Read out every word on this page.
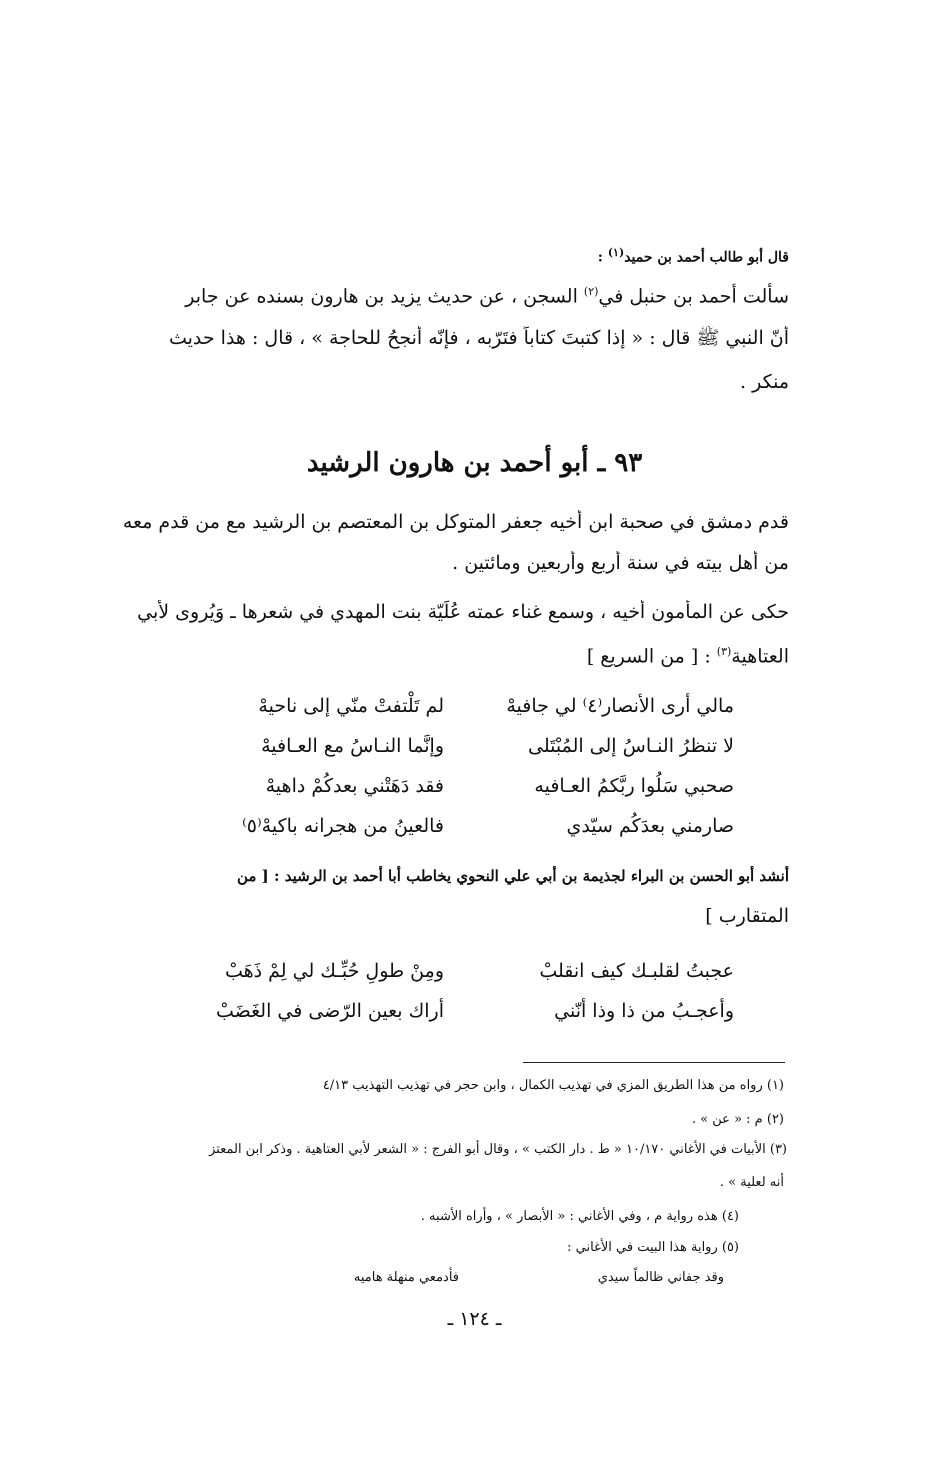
قال أبو طالب أحمد بن حميد$^{(١)}$ :
سألت أحمد بن حنبل في$^{(٢)}$ السجن ، عن حديث يزيد بن هارون بسنده عن جابر
أنّ النبي ﷺ قال : « إذا كتبتَ كتاباً فتَرّبه ، فإنّه أنجحُ للحاجة » ، قال : هذا حديث
منكر .
٩٣ ـ أبو أحمد بن هارون الرشيد
قدم دمشق في صحبة ابن أخيه جعفر المتوكل بن المعتصم بن الرشيد مع من قدم معه
من أهل بيته في سنة أربع وأربعين ومائتين .
حكى عن المأمون أخيه ، وسمع غناء عمته عُلَيّة بنت المهدي في شعرها ـ وَيُروى لأبي
العتاهية$^{(٣)}$ : [ من السريع ]
مالي أرى الأنصار⁽٤⁾ لي جافيهْ
لم تَلْتفتْ منّي إلى ناحيهْ
لا تنظرُ النـاسُ إلى المُبْتَلى
وإنَّما النـاسُ مع العـافيهْ
صحبي سَلُوا ربَّكمُ العـافيه
فقد دَهَتْني بعدكُمْ داهيهْ
صارمني بعدَكُم سيّدي
فالعينُ من هجرانه باكيهْ⁽٥⁾
أنشد أبو الحسن بن البراء لجذيمة بن أبي علي النحوي يخاطب أبا أحمد بن الرشيد : [ من
المتقارب ]
عجبتُ لقلبـك كيف انقلبْ
ومِنْ طولِ حُبِّـك لي لِمْ ذَهَبْ
وأعجـبُ من ذا وذا أنّني
أراك بعين الرّضى في الغَضَبْ
(١) رواه من هذا الطريق المزي في تهذيب الكمال ، وابن حجر في تهذيب التهذيب ٤/١٣
(٢) م : « عن » .
(٣) الأبيات في الأغاني ١٠/١٧٠ « ط . دار الكتب » ، وقال أبو الفرج : « الشعر لأبي العتاهية . وذكر ابن المعتز
أنه لعلية » .
(٤) هذه رواية م ، وفي الأغاني : « الأبصار » ، وأراه الأشبه .
(٥) رواية هذا البيت في الأغاني :
وقد جفاني ظالماً سيدي
فأدمعي منهلة هاميه
ـ ١٢٤ ـ
